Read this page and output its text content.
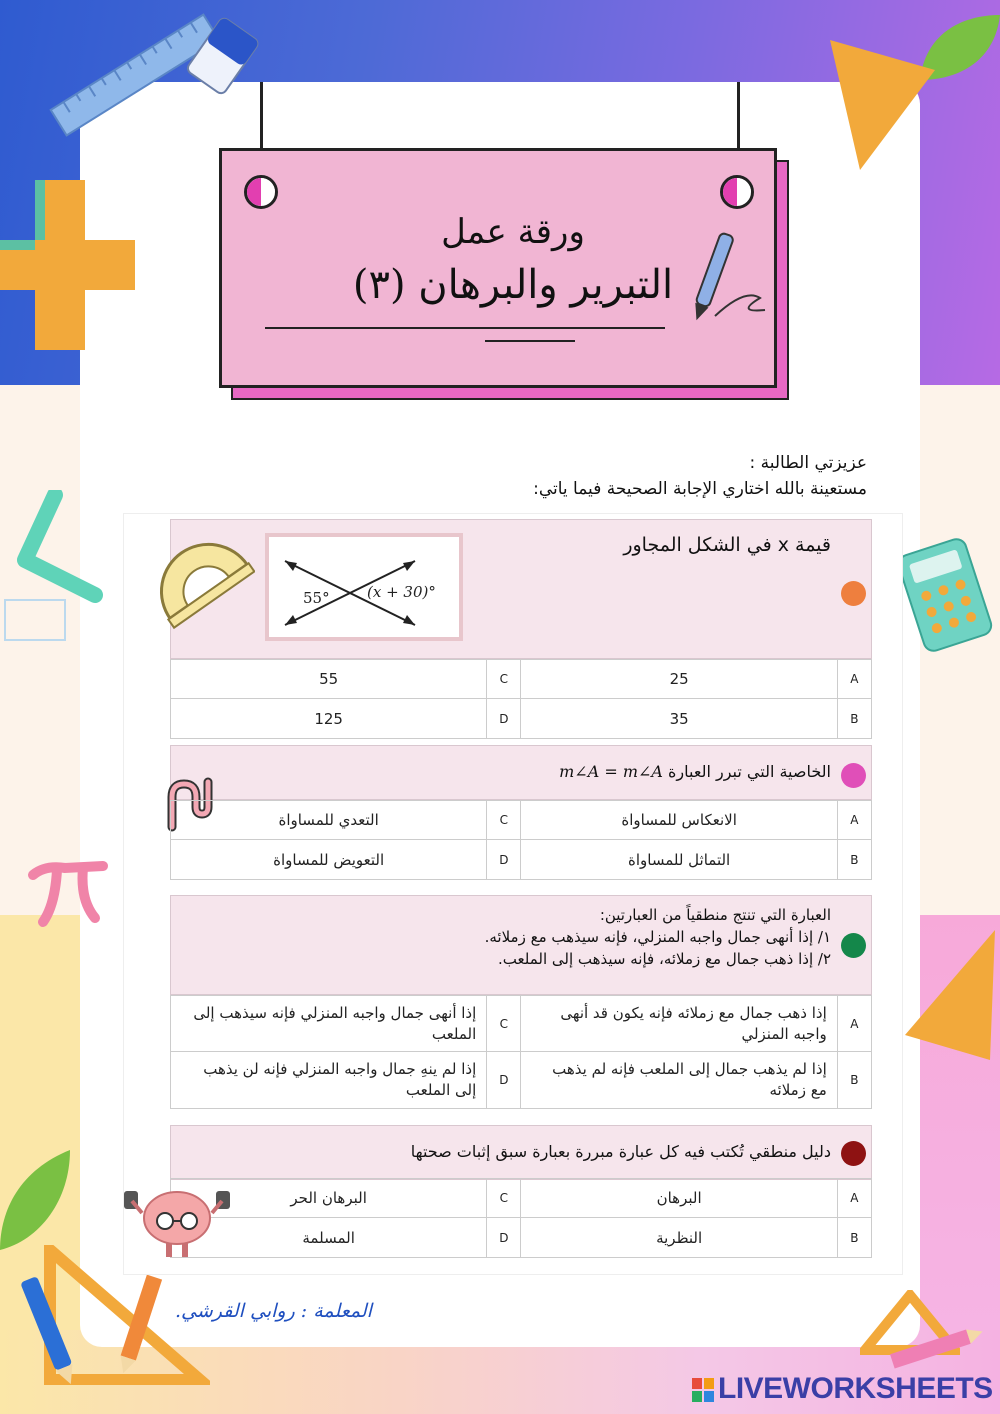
ورقة عمل
التبرير والبرهان (٣)
عزيزتي الطالبة :
مستعينة بالله اختاري الإجابة الصحيحة فيما ياتي:
قيمة x في الشكل المجاور
55° (x + 30)°
55	C	25	A
125	D	35	B
الخاصية التي تبرر العبارة m∠A = m∠A
التعدي للمساواة	C	الانعكاس للمساواة	A
التعويض للمساواة	D	التماثل للمساواة	B
العبارة التي تنتج منطقياً من العبارتين:
١/ إذا أنهى جمال واجبه المنزلي، فإنه سيذهب مع زملائه.
٢/ إذا ذهب جمال مع زملائه، فإنه سيذهب إلى الملعب.
إذا أنهى جمال واجبه المنزلي فإنه سيذهب إلى الملعب	C	إذا ذهب جمال مع زملائه فإنه يكون قد أنهى واجبه المنزلي	A
إذا لم ينهِ جمال واجبه المنزلي فإنه لن يذهب إلى الملعب	D	إذا لم يذهب جمال إلى الملعب فإنه لم يذهب مع زملائه	B
دليل منطقي تُكتب فيه كل عبارة مبررة بعبارة سبق إثبات صحتها
البرهان الحر	C	البرهان	A
المسلمة	D	النظرية	B
المعلمة : روابي القرشي.
LIVEWORKSHEETS
